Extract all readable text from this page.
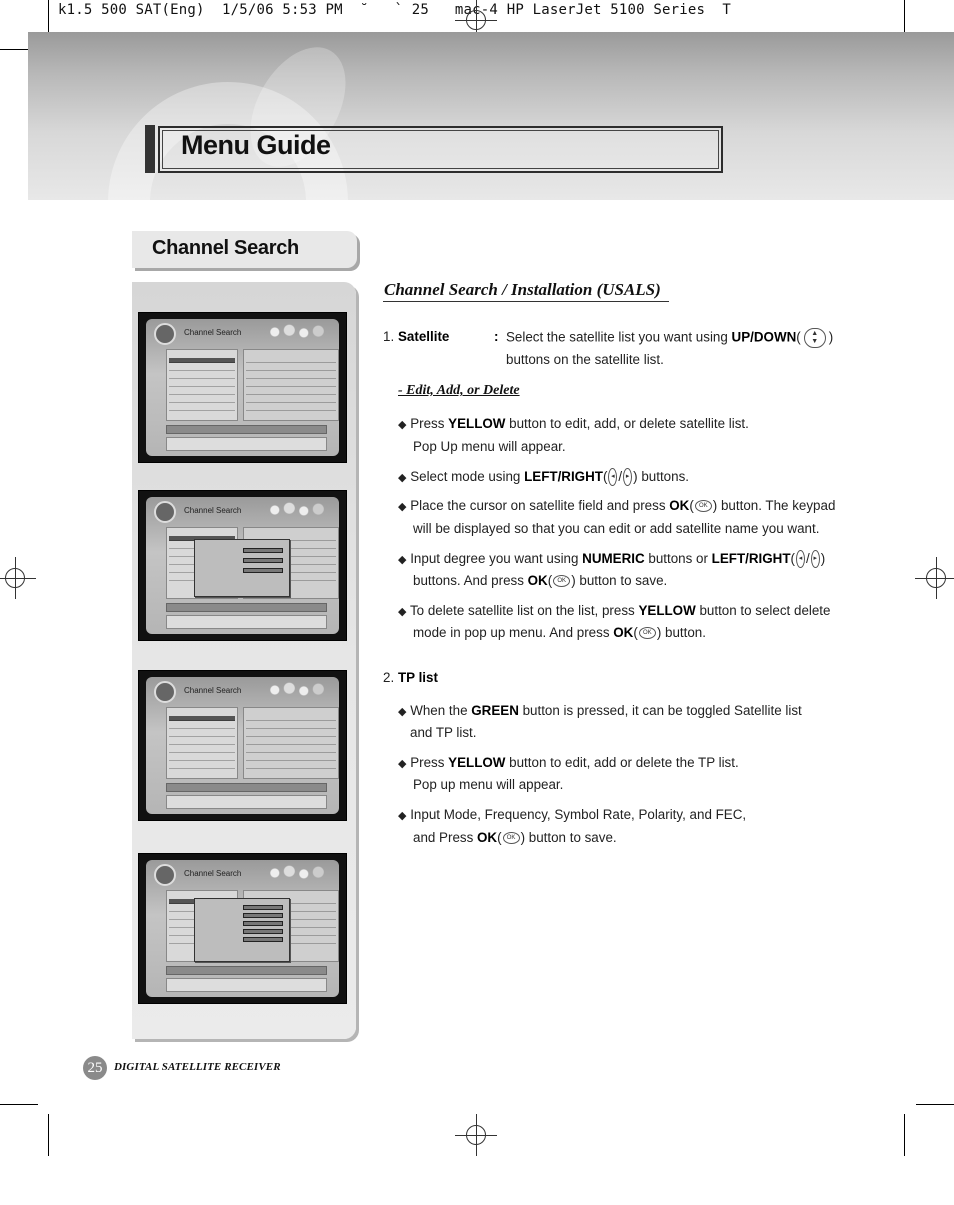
k1.5 500 SAT(Eng)  1/5/06 5:53 PM  ˘   ` 25   mac-4 HP LaserJet 5100 Series  T
Menu Guide
Channel Search
Channel Search
Channel Search
Channel Search
Channel Search
Channel Search / Installation (USALS)
1. Satellite	: Select the satellite list you want using UP/DOWN( ▲
▼ )
buttons on the satellite list.
- Edit, Add, or Delete
◆ Press YELLOW button to edit, add, or delete satellite list.
Pop Up menu will appear.
◆ Select mode using LEFT/RIGHT( ◂ / ▸ ) buttons.
◆ Place the cursor on satellite field and press OK( OK ) button. The keypad
will be displayed so that you can edit or add satellite name you want.
◆ Input degree you want using NUMERIC buttons or LEFT/RIGHT( ◂ / ▸ )
buttons. And press OK( OK ) button to save.
◆ To delete satellite list on the list, press YELLOW button to select delete
mode in pop up menu. And press OK( OK ) button.
2. TP list
◆ When the GREEN button is pressed, it can be toggled Satellite list
and TP list.
◆ Press YELLOW button to edit, add or delete the TP list.
Pop up menu will appear.
◆ Input Mode, Frequency, Symbol Rate, Polarity, and FEC,
and Press OK( OK ) button to save.
25	DIGITAL SATELLITE RECEIVER
